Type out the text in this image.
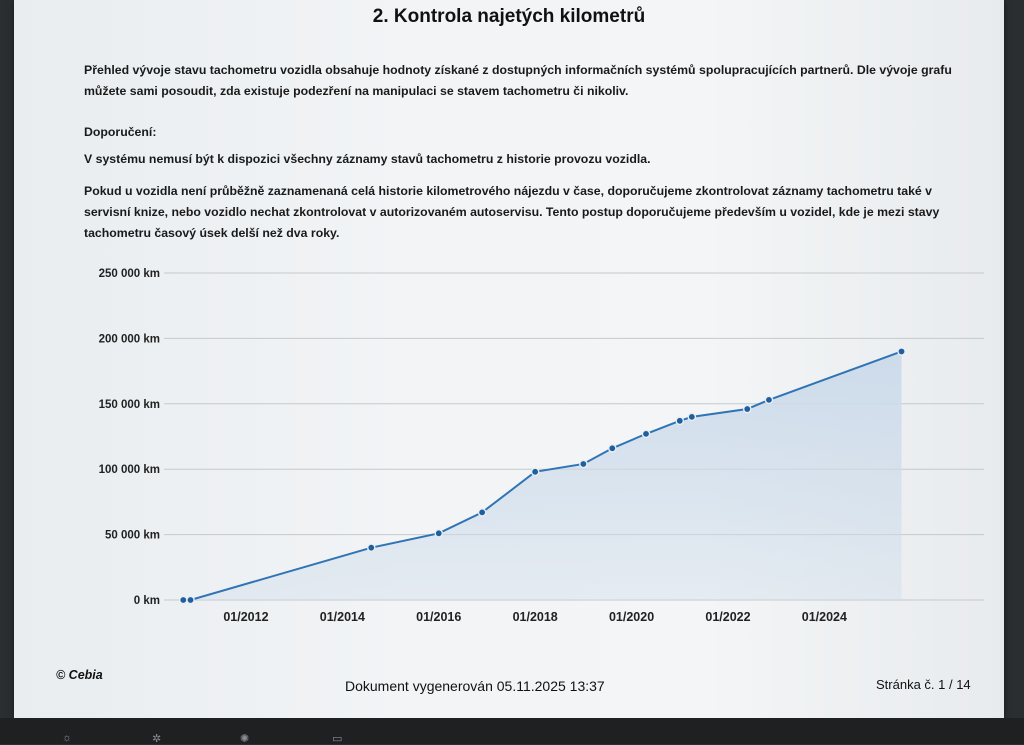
2. Kontrola najetých kilometrů
Přehled vývoje stavu tachometru vozidla obsahuje hodnoty získané z dostupných informačních systémů spolupracujících partnerů. Dle vývoje grafu můžete sami posoudit, zda existuje podezření na manipulaci se stavem tachometru či nikoliv.
Doporučení:
V systému nemusí být k dispozici všechny záznamy stavů tachometru z historie provozu vozidla.
Pokud u vozidla není průběžně zaznamenaná celá historie kilometrového nájezdu v čase, doporučujeme zkontrolovat záznamy tachometru také v servisní knize, nebo vozidlo nechat zkontrolovat v autorizovaném autoservisu. Tento postup doporučujeme především u vozidel, kde je mezi stavy tachometru časový úsek delší než dva roky.
250 000 km
200 000 km
150 000 km
100 000 km
50 000 km
0 km
01/2012	01/2014	01/2016	01/2018	01/2020	01/2022	01/2024
© Cebia
Dokument vygenerován 05.11.2025 13:37	Stránka č. 1 / 14
☼	✲	✺	▭
